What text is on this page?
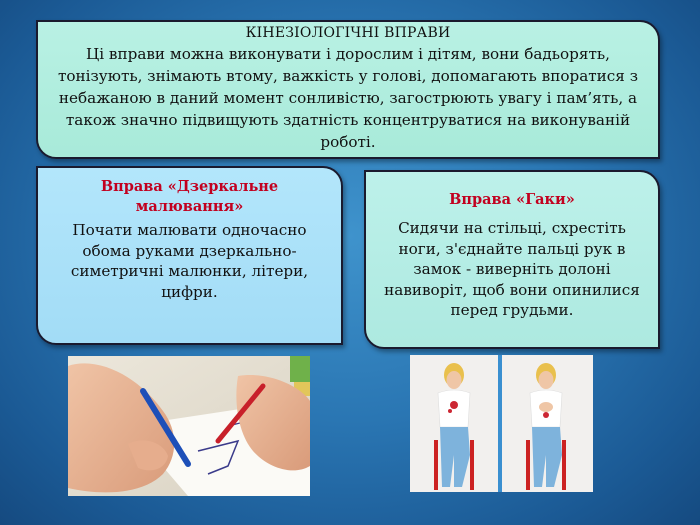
КІНЕЗІОЛОГІЧНІ ВПРАВИ
Ці вправи можна виконувати і дорослим і дітям, вони бадьорять, тонізують, знімають втому, важкість у голові, допомагають впоратися з небажаною в даний момент сонливістю, загострюють увагу і пам’ять, а також значно підвищують здатність концентруватися на виконуваній роботі.
Вправа «Дзеркальне малювання»
Почати малювати одночасно обома руками дзеркально-симетричні малюнки, літери, цифри.
Вправа «Гаки»
Сидячи на стільці, схрестіть ноги, з'єднайте пальці рук в замок - виверніть долоні навиворіт, щоб вони опинилися перед грудьми.
